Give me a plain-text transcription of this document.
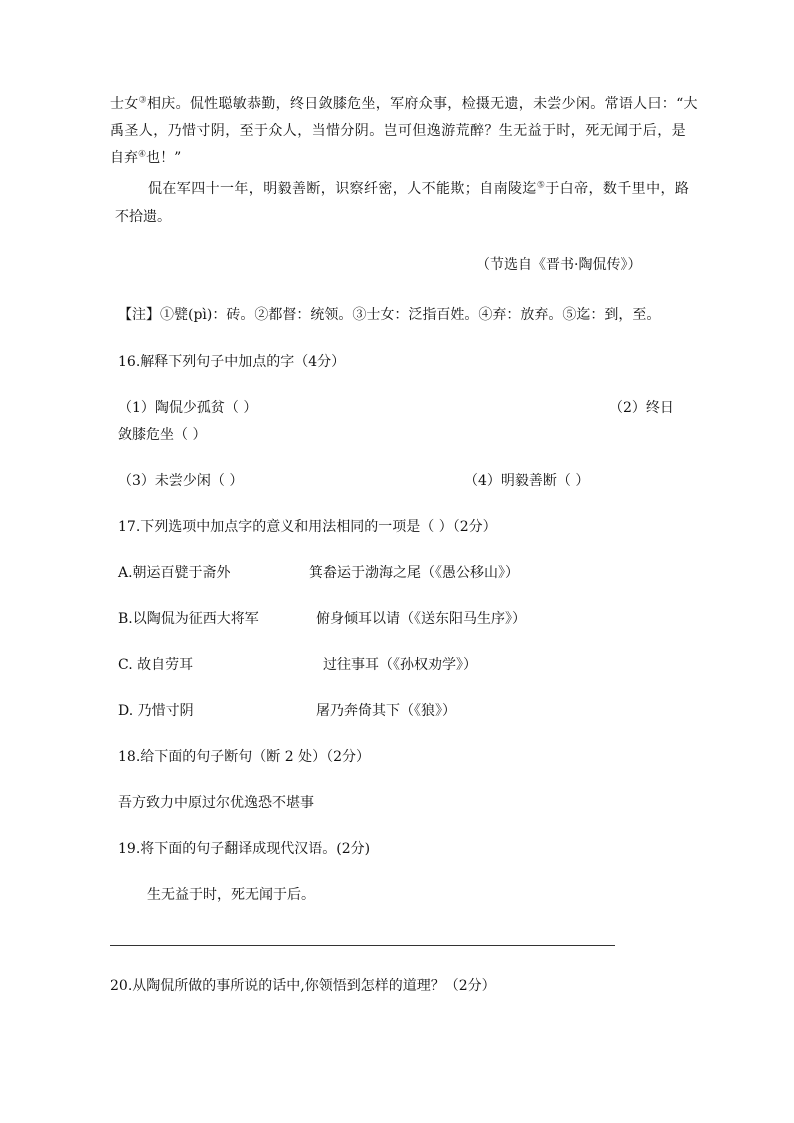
士女③相庆。侃性聪敏恭勤，终日敛膝危坐，军府众事，检摄无遗，未尝少闲。常语人曰：“大
禹圣人，乃惜寸阴，至于众人，当惜分阴。岂可但逸游荒醉？生无益于时，死无闻于后，是
自弃④也！”
侃在军四十一年，明毅善断，识察纤密，人不能欺；自南陵迄⑤于白帝，数千里中，路
不拾遗。
（节选自《晋书·陶侃传》）
【注】①甓(pì)：砖。②都督：统领。③士女：泛指百姓。④弃：放弃。⑤迄：到，至。
16.解释下列句子中加点的字（4分）
（1）陶侃少孤贫（ ）	（2）终日
敛膝危坐（ ）
（3）未尝少闲（ ）	（4）明毅善断（ ）
17.下列选项中加点字的意义和用法相同的一项是（ ）（2分）
A.朝运百甓于斋外	箕畚运于渤海之尾（《愚公移山》）
B.以陶侃为征西大将军	俯身倾耳以请（《送东阳马生序》）
C. 故自劳耳	过往事耳（《孙权劝学》）
D. 乃惜寸阴	屠乃奔倚其下（《狼》）
18.给下面的句子断句（断 2 处）（2分）
吾方致力中原过尔优逸恐不堪事
19.将下面的句子翻译成现代汉语。(2分)
生无益于时，死无闻于后。
20.从陶侃所做的事所说的话中,你领悟到怎样的道理？（2分）
